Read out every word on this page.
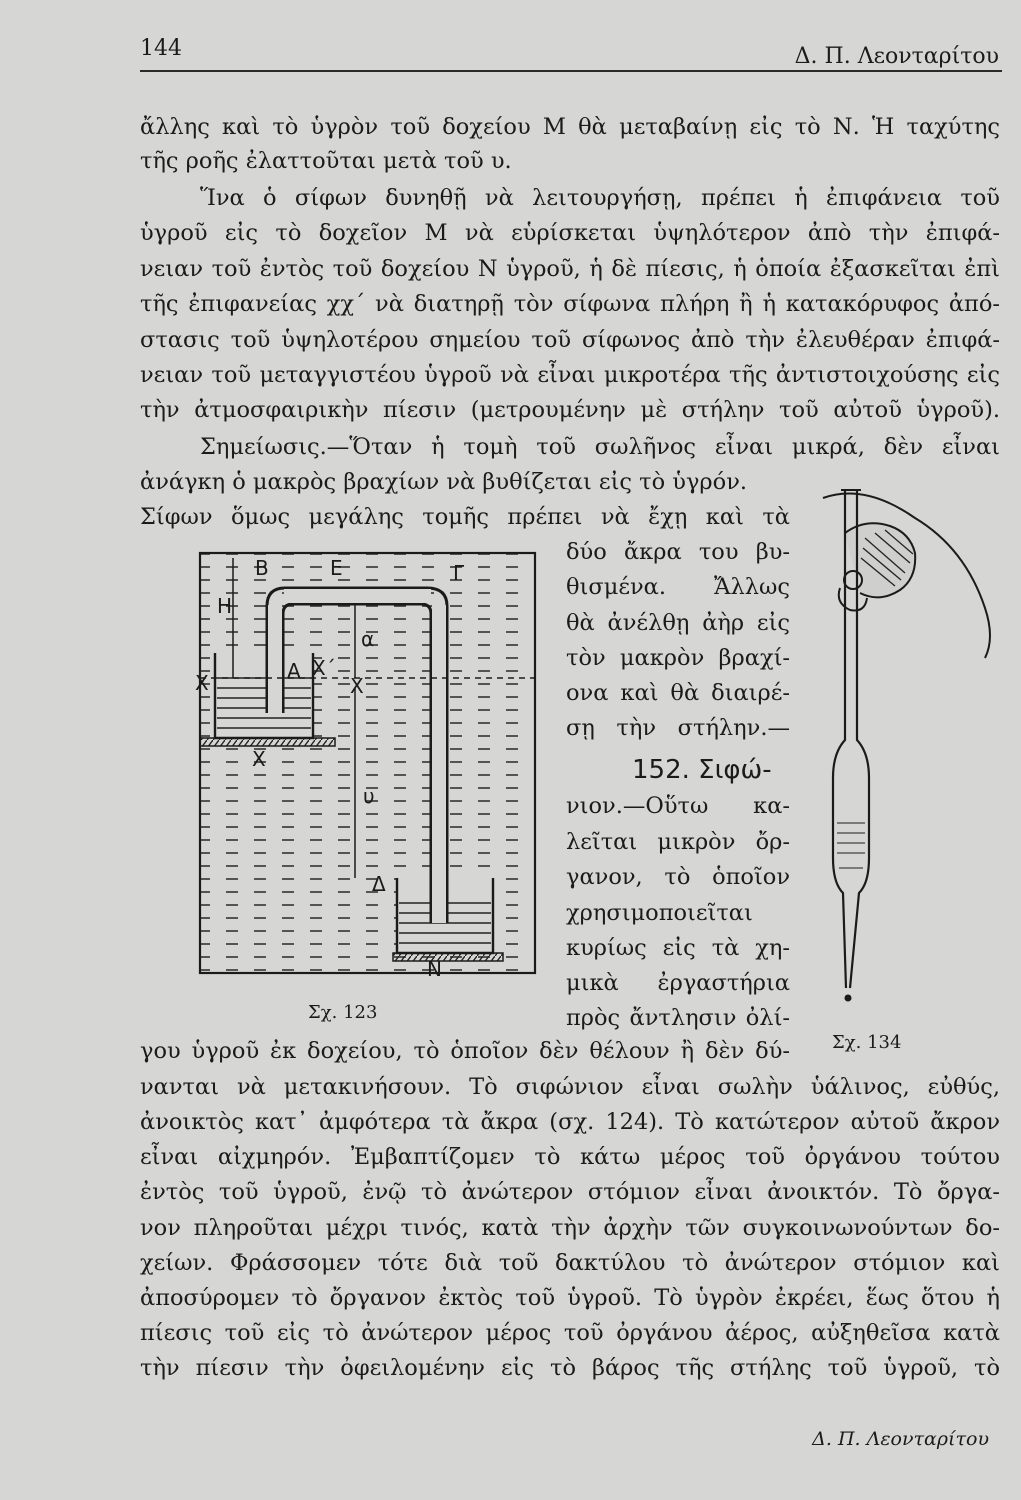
144	Δ. Π. Λεονταρίτου
ἄλλης καὶ τὸ ὑγρὸν τοῦ δοχείου Μ θὰ μεταβαίνῃ εἰς τὸ Ν. Ἡ ταχύτης
τῆς ροῆς ἐλαττοῦται μετὰ τοῦ υ.
Ἵνα ὁ σίφων δυνηθῇ νὰ λειτουργήσῃ, πρέπει ἡ ἐπιφάνεια τοῦ
ὑγροῦ εἰς τὸ δοχεῖον Μ νὰ εὑρίσκεται ὑψηλότερον ἀπὸ τὴν ἐπιφά-
νειαν τοῦ ἐντὸς τοῦ δοχείου Ν ὑγροῦ, ἡ δὲ πίεσις, ἡ ὁποία ἐξασκεῖται ἐπὶ
τῆς ἐπιφανείας χχ΄ νὰ διατηρῇ τὸν σίφωνα πλήρη ἢ ἡ κατακόρυφος ἀπό-
στασις τοῦ ὑψηλοτέρου σημείου τοῦ σίφωνος ἀπὸ τὴν ἐλευθέραν ἐπιφά-
νειαν τοῦ μεταγγιστέου ὑγροῦ νὰ εἶναι μικροτέρα τῆς ἀντιστοιχούσης εἰς
τὴν ἀτμοσφαιρικὴν πίεσιν (μετρουμένην μὲ στήλην τοῦ αὐτοῦ ὑγροῦ).
Σημείωσις.—Ὅταν ἡ τομὴ τοῦ σωλῆνος εἶναι μικρά, δὲν εἶναι
ἀνάγκη ὁ μακρὸς βραχίων νὰ βυθίζεται εἰς τὸ ὑγρόν.
Σίφων ὅμως μεγάλης τομῆς πρέπει νὰ ἔχῃ καὶ τὰ
δύο ἄκρα του βυ-
θισμένα. Ἄλλως
θὰ ἀνέλθῃ ἀὴρ εἰς
τὸν μακρὸν βραχί-
ονα καὶ θὰ διαιρέ-
σῃ τὴν στήλην.—
152. Σιφώ-
νιον.—Οὕτω κα-
λεῖται μικρὸν ὄρ-
γανον, τὸ ὁποῖον
χρησιμοποιεῖται
κυρίως εἰς τὰ χη-
μικὰ ἐργαστήρια
πρὸς ἄντλησιν ὀλί-
γου ὑγροῦ ἐκ δοχείου, τὸ ὁποῖον δὲν θέλουν ἢ δὲν δύ-
νανται νὰ μετακινήσουν. Τὸ σιφώνιον εἶναι σωλὴν ὑάλινος, εὐθύς,
ἀνοικτὸς κατ᾽ ἀμφότερα τὰ ἄκρα (σχ. 124). Τὸ κατώτερον αὐτοῦ ἄκρον
εἶναι αἰχμηρόν. Ἐμβαπτίζομεν τὸ κάτω μέρος τοῦ ὀργάνου τούτου
ἐντὸς τοῦ ὑγροῦ, ἐνῷ τὸ ἀνώτερον στόμιον εἶναι ἀνοικτόν. Τὸ ὄργα-
νον πληροῦται μέχρι τινός, κατὰ τὴν ἀρχὴν τῶν συγκοινωνούντων δο-
χείων. Φράσσομεν τότε διὰ τοῦ δακτύλου τὸ ἀνώτερον στόμιον καὶ
ἀποσύρομεν τὸ ὄργανον ἐκτὸς τοῦ ὑγροῦ. Τὸ ὑγρὸν ἐκρέει, ἕως ὅτου ἡ
πίεσις τοῦ εἰς τὸ ἀνώτερον μέρος τοῦ ὀργάνου ἀέρος, αὐξηθεῖσα κατὰ
τὴν πίεσιν τὴν ὀφειλομένην εἰς τὸ βάρος τῆς στήλης τοῦ ὑγροῦ, τὸ
Β	Ε	Γ
Η
Α
Χ
Χ΄
α
Χ
Χ
υ
Δ
Ν
Σχ. 123
Σχ. 134
Δ. Π. Λεονταρίτου
